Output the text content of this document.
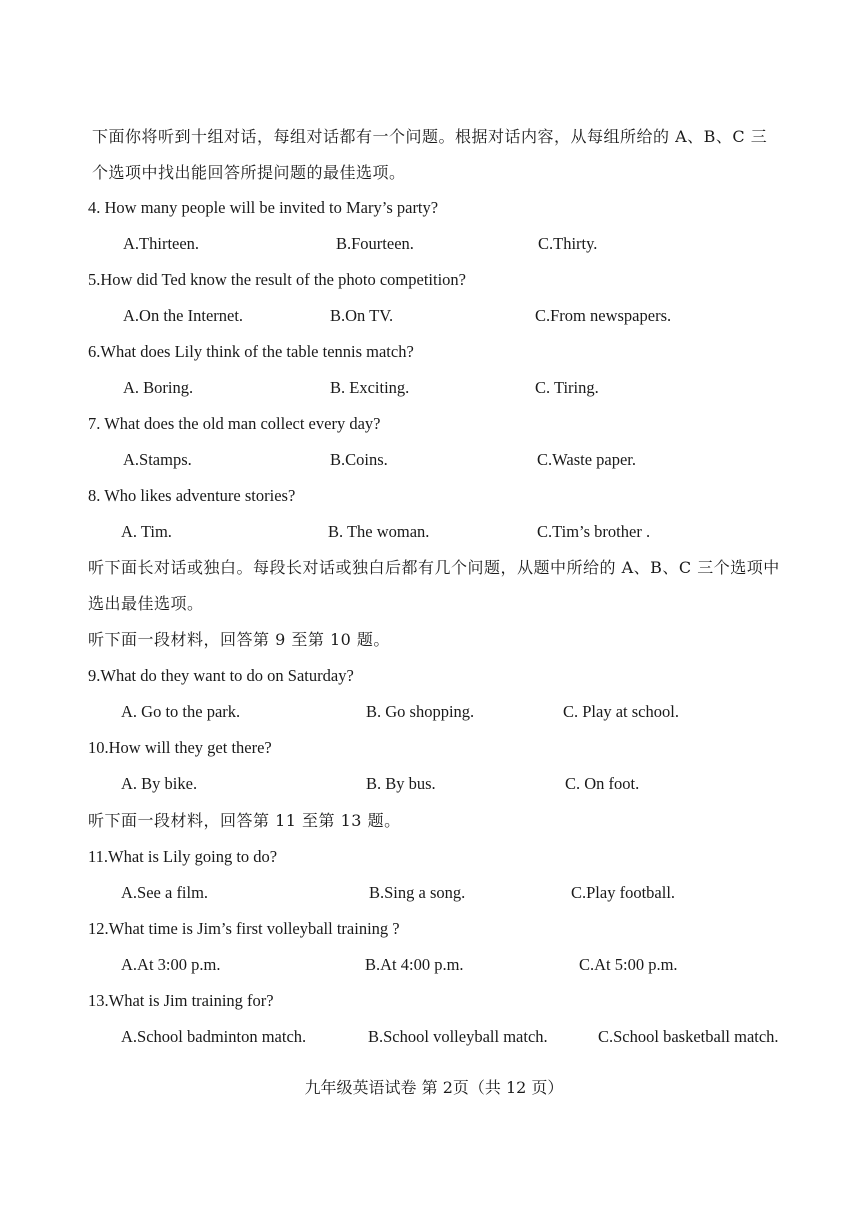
下面你将听到十组对话，每组对话都有一个问题。根据对话内容，从每组所给的 A、B、C 三
个选项中找出能回答所提问题的最佳选项。
4. How many people will be invited to Mary’s party?
A.Thirteen.	B.Fourteen.	C.Thirty.
5.How did Ted know the result of the photo competition?
A.On the Internet.	B.On TV.	C.From newspapers.
6.What does Lily think of the table tennis match?
A. Boring.	B. Exciting.	C. Tiring.
7. What does the old man collect every day?
A.Stamps.	B.Coins.	C.Waste paper.
8. Who likes adventure stories?
A. Tim.	B. The woman.	C.Tim’s brother .
听下面长对话或独白。每段长对话或独白后都有几个问题，从题中所给的 A、B、C 三个选项中
选出最佳选项。
听下面一段材料，回答第 9 至第 10 题。
9.What do they want to do on Saturday?
A. Go to the park.	B. Go shopping.	C. Play at school.
10.How will they get there?
A. By bike.	B. By bus.	C. On foot.
听下面一段材料，回答第 11 至第 13 题。
11.What is Lily going to do?
A.See a film.	B.Sing a song.	C.Play football.
12.What time is Jim’s first volleyball training ?
A.At 3:00 p.m.	B.At 4:00 p.m.	C.At 5:00 p.m.
13.What is Jim training for?
A.School badminton match.	B.School volleyball match.	C.School basketball match.
九年级英语试卷 第 2页（共 12 页）
